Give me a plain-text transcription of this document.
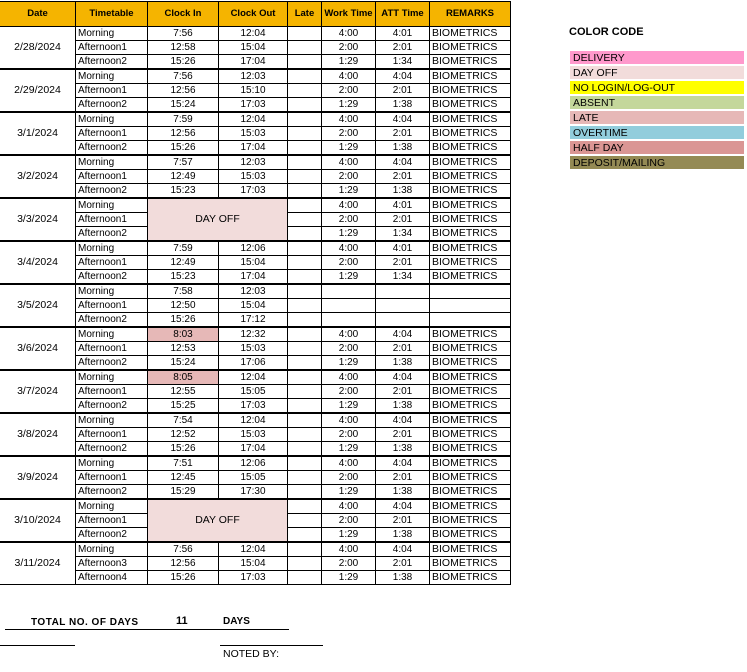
Date	Timetable	Clock In	Clock Out	Late	Work Time	ATT Time	REMARKS
2/28/2024	Morning	7:56	12:04		4:00	4:01	BIOMETRICS
	Afternoon1	12:58	15:04		2:00	2:01	BIOMETRICS
	Afternoon2	15:26	17:04		1:29	1:34	BIOMETRICS
2/29/2024	Morning	7:56	12:03		4:00	4:04	BIOMETRICS
	Afternoon1	12:56	15:10		2:00	2:01	BIOMETRICS
	Afternoon2	15:24	17:03		1:29	1:38	BIOMETRICS
3/1/2024	Morning	7:59	12:04		4:00	4:04	BIOMETRICS
	Afternoon1	12:56	15:03		2:00	2:01	BIOMETRICS
	Afternoon2	15:26	17:04		1:29	1:38	BIOMETRICS
3/2/2024	Morning	7:57	12:03		4:00	4:04	BIOMETRICS
	Afternoon1	12:49	15:03		2:00	2:01	BIOMETRICS
	Afternoon2	15:23	17:03		1:29	1:38	BIOMETRICS
3/3/2024	Morning	DAY OFF			4:00	4:01	BIOMETRICS
	Afternoon1				2:00	2:01	BIOMETRICS
	Afternoon2				1:29	1:34	BIOMETRICS
3/4/2024	Morning	7:59	12:06		4:00	4:01	BIOMETRICS
	Afternoon1	12:49	15:04		2:00	2:01	BIOMETRICS
	Afternoon2	15:23	17:04		1:29	1:34	BIOMETRICS
3/5/2024	Morning	7:58	12:03				
	Afternoon1	12:50	15:04				
	Afternoon2	15:26	17:12				
3/6/2024	Morning	8:03	12:32		4:00	4:04	BIOMETRICS
	Afternoon1	12:53	15:03		2:00	2:01	BIOMETRICS
	Afternoon2	15:24	17:06		1:29	1:38	BIOMETRICS
3/7/2024	Morning	8:05	12:04		4:00	4:04	BIOMETRICS
	Afternoon1	12:55	15:05		2:00	2:01	BIOMETRICS
	Afternoon2	15:25	17:03		1:29	1:38	BIOMETRICS
3/8/2024	Morning	7:54	12:04		4:00	4:04	BIOMETRICS
	Afternoon1	12:52	15:03		2:00	2:01	BIOMETRICS
	Afternoon2	15:26	17:04		1:29	1:38	BIOMETRICS
3/9/2024	Morning	7:51	12:06		4:00	4:04	BIOMETRICS
	Afternoon1	12:45	15:05		2:00	2:01	BIOMETRICS
	Afternoon2	15:29	17:30		1:29	1:38	BIOMETRICS
3/10/2024	Morning	DAY OFF			4:00	4:04	BIOMETRICS
	Afternoon1				2:00	2:01	BIOMETRICS
	Afternoon2				1:29	1:38	BIOMETRICS
3/11/2024	Morning	7:56	12:04		4:00	4:04	BIOMETRICS
	Afternoon3	12:56	15:04		2:00	2:01	BIOMETRICS
	Afternoon4	15:26	17:03		1:29	1:38	BIOMETRICS
TOTAL NO. OF DAYS	11	DAYS
NOTED BY:
COLOR CODE
DELIVERY
DAY OFF
NO LOGIN/LOG-OUT
ABSENT
LATE
OVERTIME
HALF DAY
DEPOSIT/MAILING
